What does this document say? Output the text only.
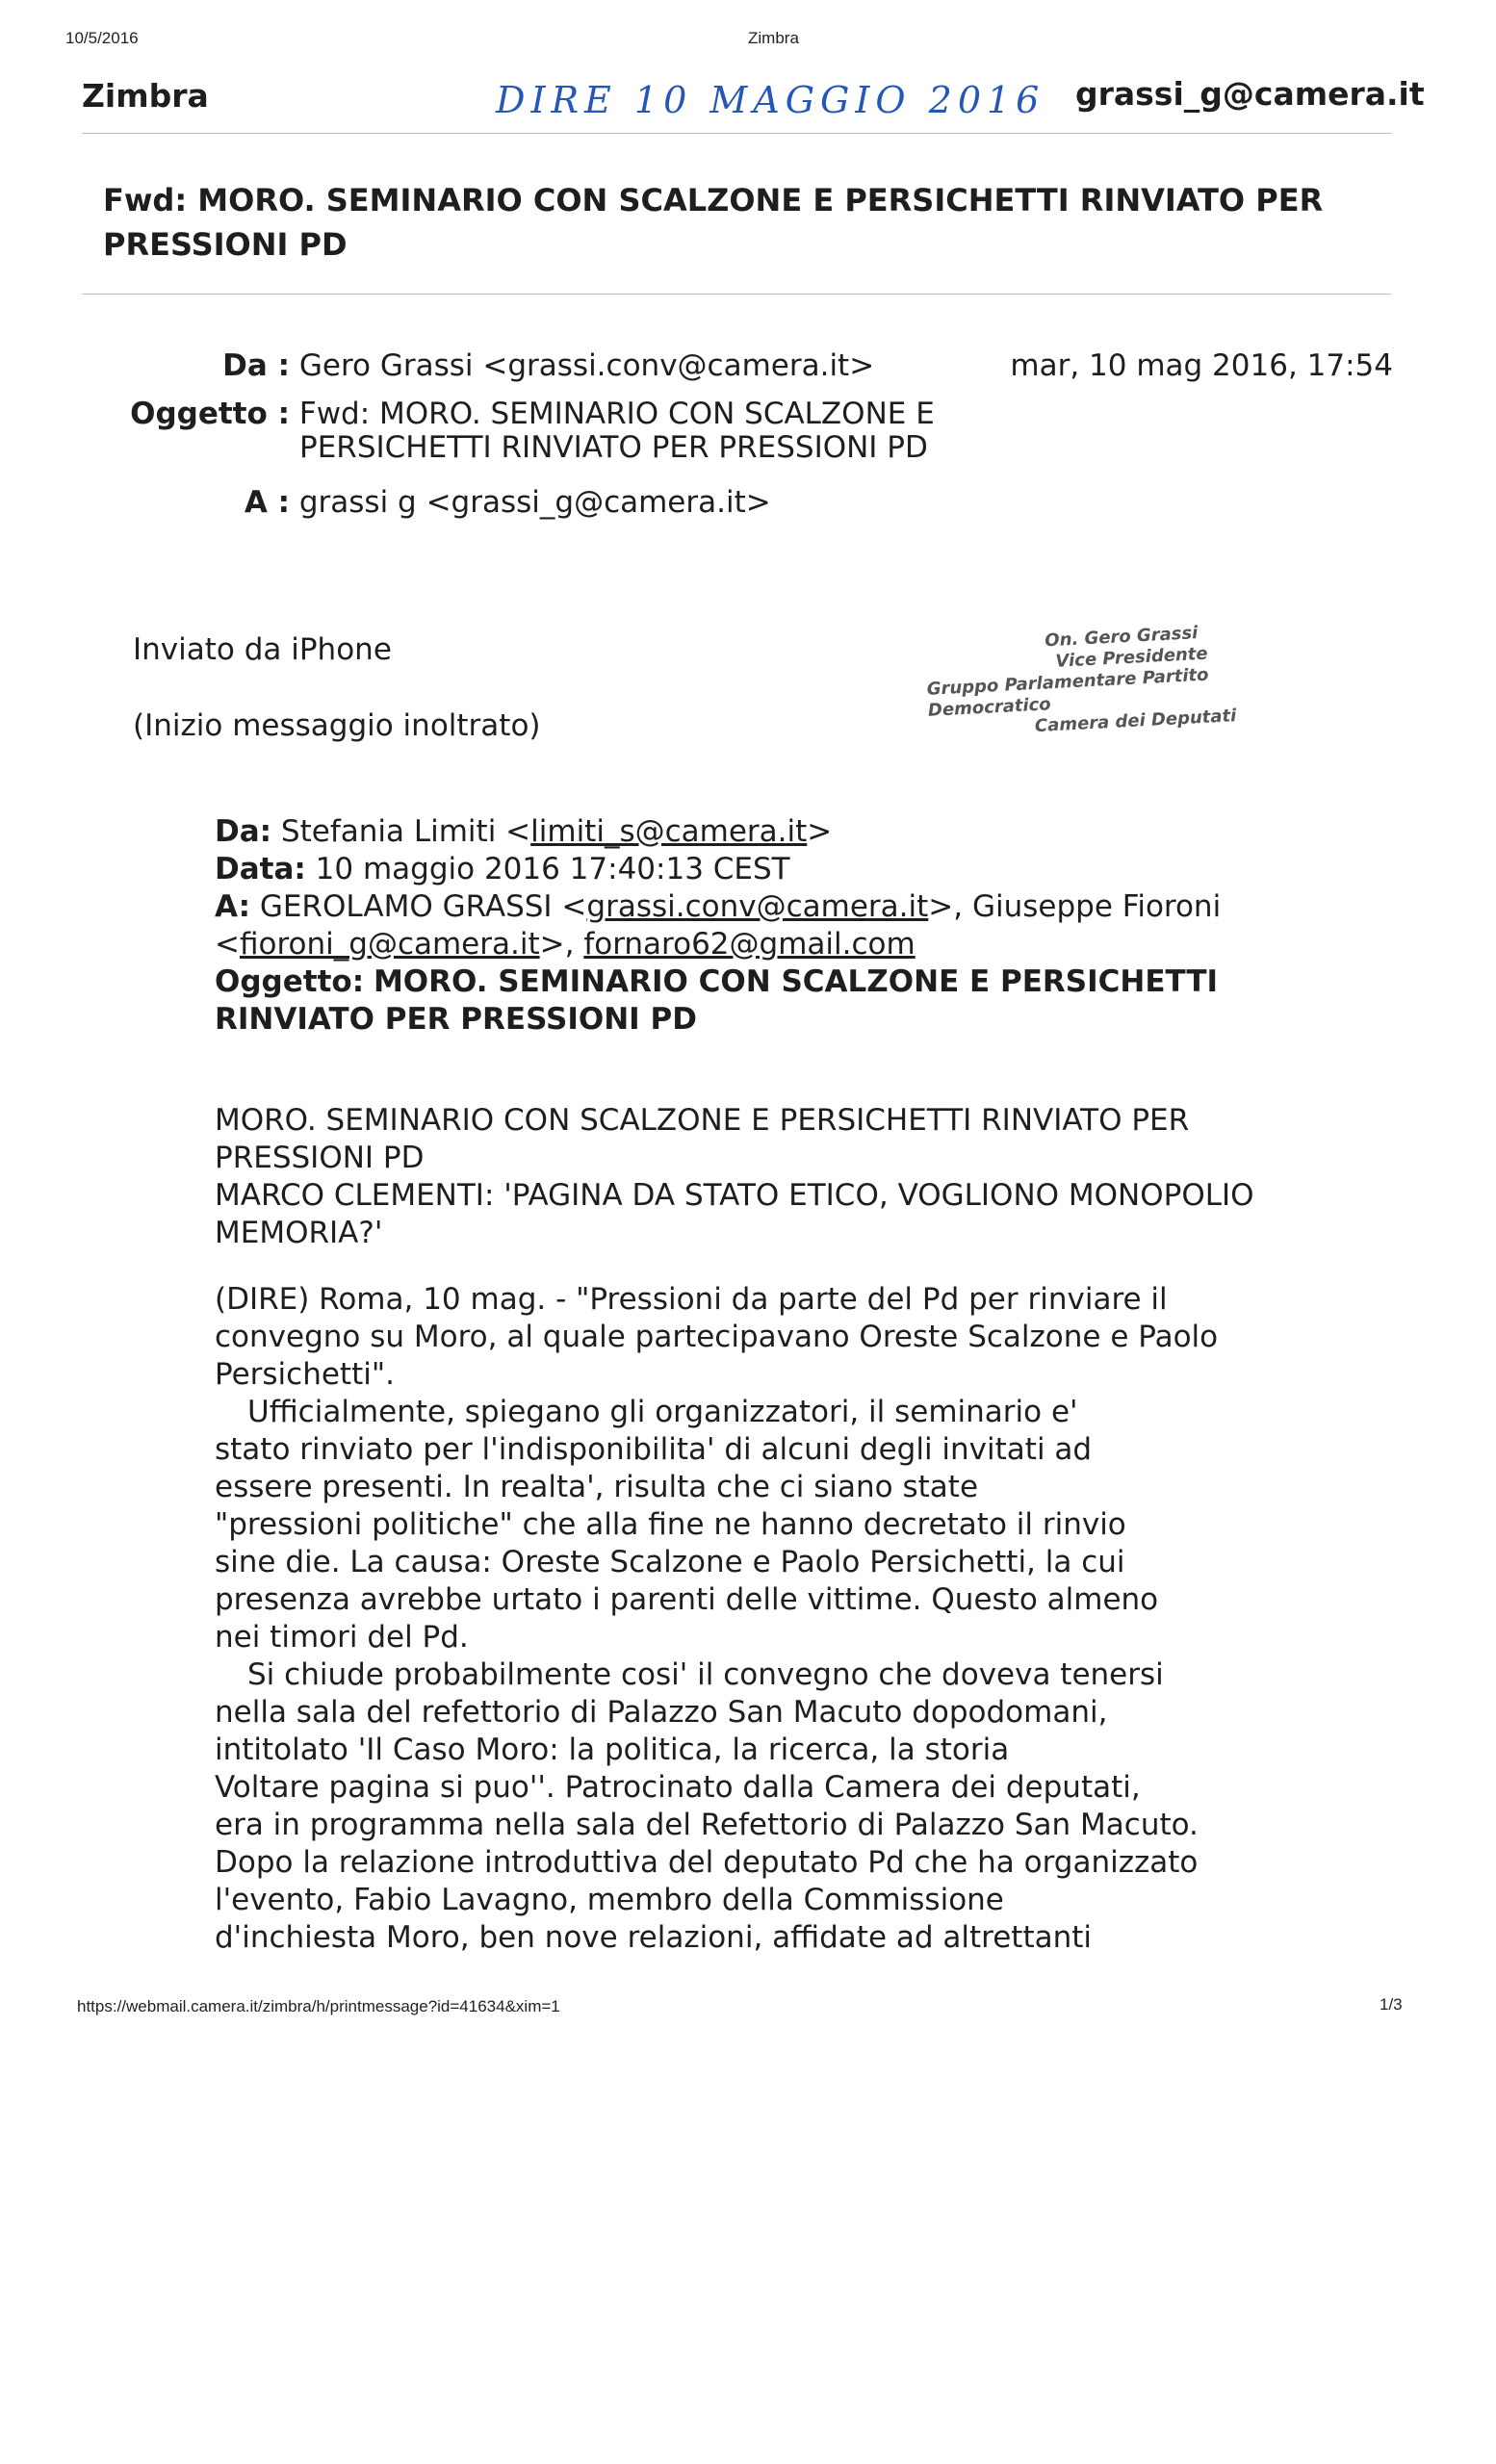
10/5/2016	Zimbra
Zimbra	DIRE 10 MAGGIO 2016 grassi_g@camera.it
Fwd: MORO. SEMINARIO CON SCALZONE E PERSICHETTI RINVIATO PER PRESSIONI PD
Da : Gero Grassi <grassi.conv@camera.it>	mar, 10 mag 2016, 17:54
Oggetto : Fwd: MORO. SEMINARIO CON SCALZONE E
PERSICHETTI RINVIATO PER PRESSIONI PD
A : grassi g <grassi_g@camera.it>
Inviato da iPhone
(Inizio messaggio inoltrato)
On. Gero Grassi
Vice Presidente
Gruppo Parlamentare Partito Democratico
Camera dei Deputati
Da: Stefania Limiti <limiti_s@camera.it>
Data: 10 maggio 2016 17:40:13 CEST
A: GEROLAMO GRASSI <grassi.conv@camera.it>, Giuseppe Fioroni
<fioroni_g@camera.it>, fornaro62@gmail.com
Oggetto: MORO. SEMINARIO CON SCALZONE E PERSICHETTI
RINVIATO PER PRESSIONI PD
MORO. SEMINARIO CON SCALZONE E PERSICHETTI RINVIATO PER
PRESSIONI PD
MARCO CLEMENTI: 'PAGINA DA STATO ETICO, VOGLIONO MONOPOLIO
MEMORIA?'
(DIRE) Roma, 10 mag. - "Pressioni da parte del Pd per rinviare il
convegno su Moro, al quale partecipavano Oreste Scalzone e Paolo
Persichetti".
Ufficialmente, spiegano gli organizzatori, il seminario e'
stato rinviato per l'indisponibilita' di alcuni degli invitati ad
essere presenti. In realta', risulta che ci siano state
"pressioni politiche" che alla fine ne hanno decretato il rinvio
sine die. La causa: Oreste Scalzone e Paolo Persichetti, la cui
presenza avrebbe urtato i parenti delle vittime. Questo almeno
nei timori del Pd.
Si chiude probabilmente cosi' il convegno che doveva tenersi
nella sala del refettorio di Palazzo San Macuto dopodomani,
intitolato 'Il Caso Moro: la politica, la ricerca, la storia
Voltare pagina si puo''. Patrocinato dalla Camera dei deputati,
era in programma nella sala del Refettorio di Palazzo San Macuto.
Dopo la relazione introduttiva del deputato Pd che ha organizzato
l'evento, Fabio Lavagno, membro della Commissione
d'inchiesta Moro, ben nove relazioni, affidate ad altrettanti
https://webmail.camera.it/zimbra/h/printmessage?id=41634&xim=1	1/3
